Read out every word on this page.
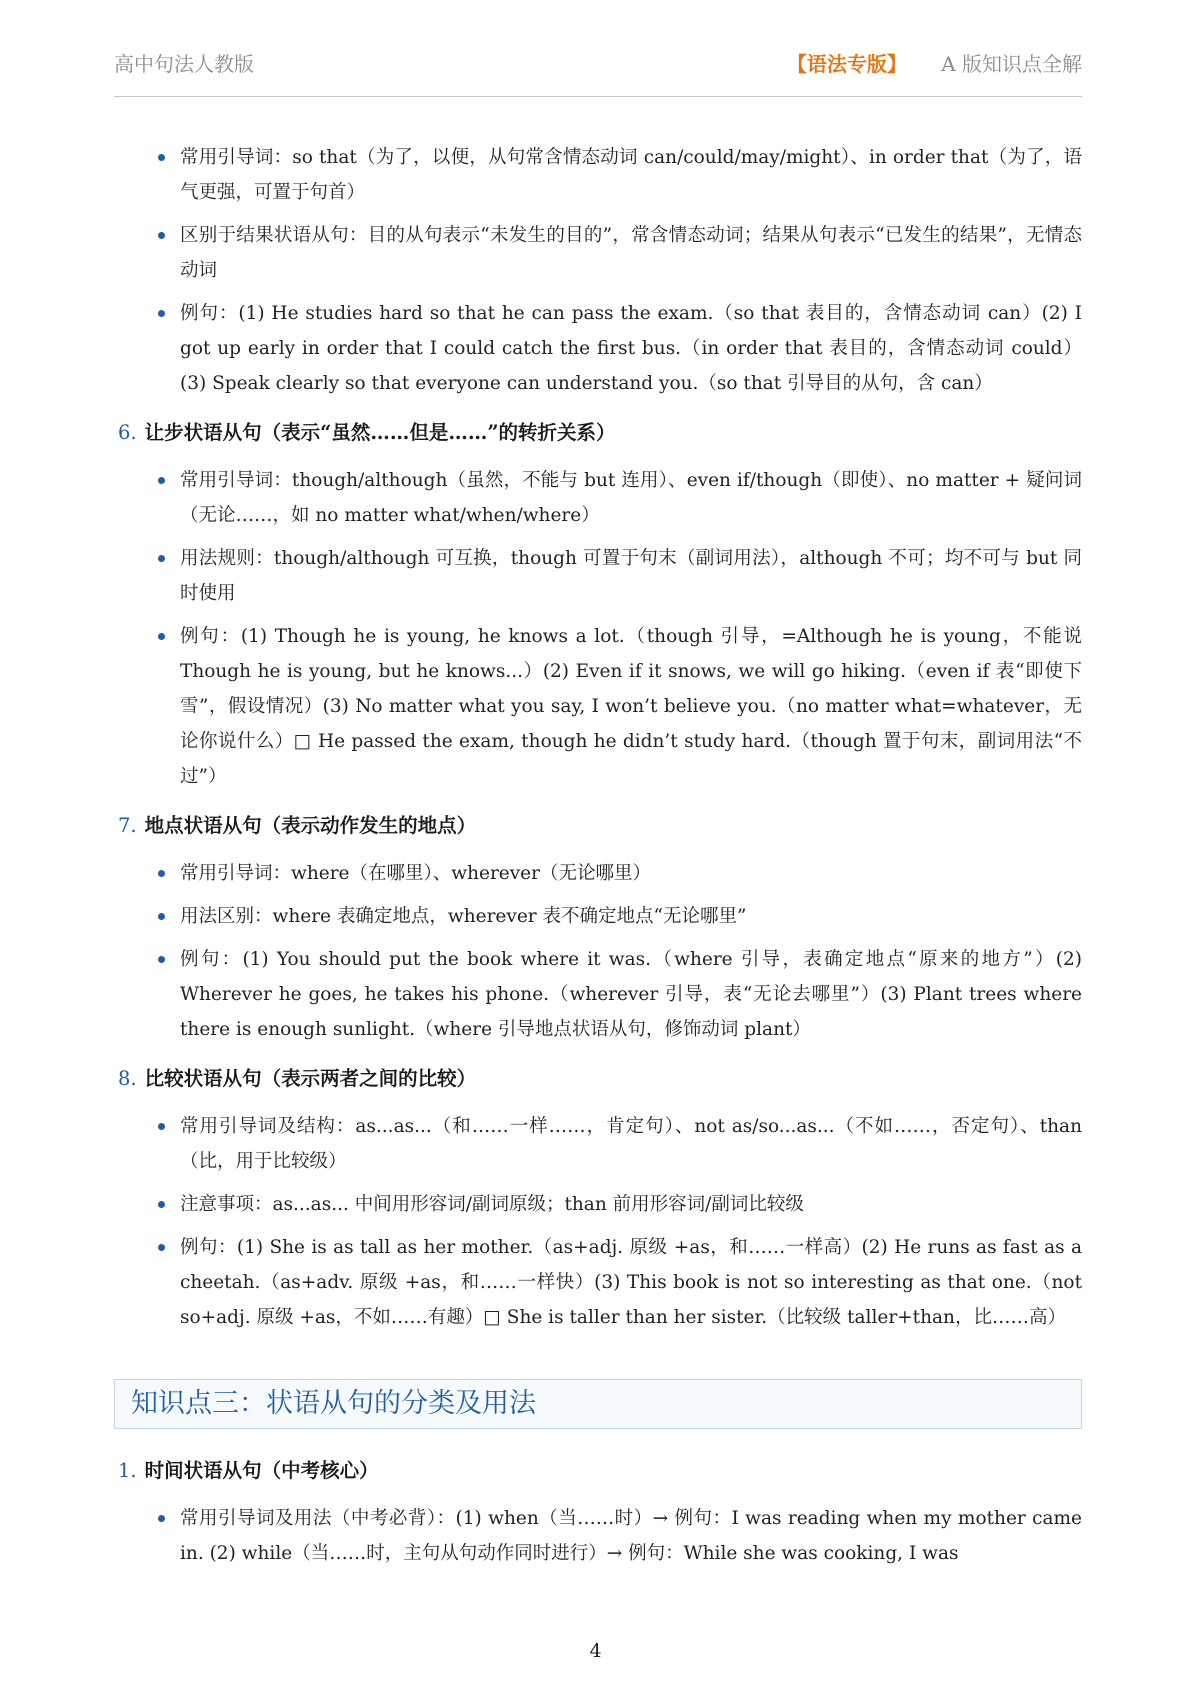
高中句法人教版	【语法专版】 A 版知识点全解
常用引导词：so that（为了，以便，从句常含情态动词 can/could/may/might）、in order that（为了，语气更强，可置于句首）
区别于结果状语从句：目的从句表示“未发生的目的”，常含情态动词；结果从句表示“已发生的结果”，无情态动词
例句：(1) He studies hard so that he can pass the exam.（so that 表目的，含情态动词 can）(2) I got up early in order that I could catch the first bus.（in order that 表目的，含情态动词 could）(3) Speak clearly so that everyone can understand you.（so that 引导目的从句，含 can）
6. 让步状语从句（表示“虽然……但是……”的转折关系）
常用引导词：though/although（虽然，不能与 but 连用）、even if/though（即使）、no matter + 疑问词（无论……，如 no matter what/when/where）
用法规则：though/although 可互换，though 可置于句末（副词用法），although 不可；均不可与 but 同时使用
例句：(1) Though he is young, he knows a lot.（though 引导，=Although he is young，不能说 Though he is young, but he knows...）(2) Even if it snows, we will go hiking.（even if 表“即使下雪”，假设情况）(3) No matter what you say, I won’t believe you.（no matter what=whatever，无论你说什么）□ He passed the exam, though he didn’t study hard.（though 置于句末，副词用法“不过”）
7. 地点状语从句（表示动作发生的地点）
常用引导词：where（在哪里）、wherever（无论哪里）
用法区别：where 表确定地点，wherever 表不确定地点“无论哪里”
例句：(1) You should put the book where it was.（where 引导，表确定地点“原来的地方”）(2) Wherever he goes, he takes his phone.（wherever 引导，表“无论去哪里”）(3) Plant trees where there is enough sunlight.（where 引导地点状语从句，修饰动词 plant）
8. 比较状语从句（表示两者之间的比较）
常用引导词及结构：as...as...（和……一样……，肯定句）、not as/so...as...（不如……，否定句）、than（比，用于比较级）
注意事项：as...as... 中间用形容词/副词原级；than 前用形容词/副词比较级
例句：(1) She is as tall as her mother.（as+adj. 原级 +as，和……一样高）(2) He runs as fast as a cheetah.（as+adv. 原级 +as，和……一样快）(3) This book is not so interesting as that one.（not so+adj. 原级 +as，不如……有趣）□ She is taller than her sister.（比较级 taller+than，比……高）
知识点三：状语从句的分类及用法
1. 时间状语从句（中考核心）
常用引导词及用法（中考必背）：(1) when（当……时）→ 例句：I was reading when my mother came in. (2) while（当……时，主句从句动作同时进行）→ 例句：While she was cooking, I was
4
